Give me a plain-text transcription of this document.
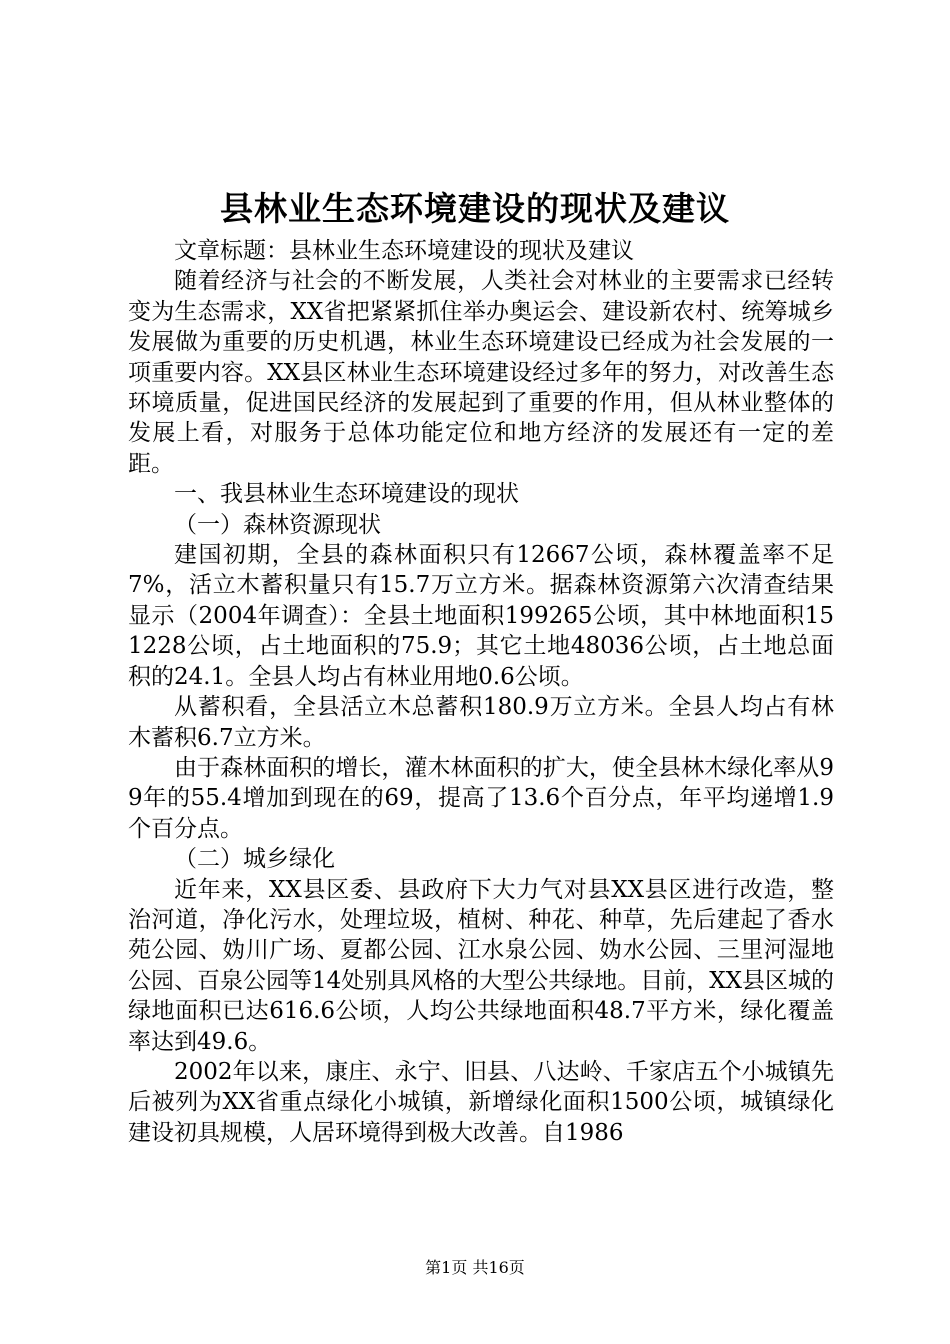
县林业生态环境建设的现状及建议

文章标题：县林业生态环境建设的现状及建议

随着经济与社会的不断发展，人类社会对林业的主要需求已经转变为生态需求，XX省把紧紧抓住举办奥运会、建设新农村、统筹城乡发展做为重要的历史机遇，林业生态环境建设已经成为社会发展的一项重要内容。XX县区林业生态环境建设经过多年的努力，对改善生态环境质量，促进国民经济的发展起到了重要的作用，但从林业整体的发展上看，对服务于总体功能定位和地方经济的发展还有一定的差距。

一、我县林业生态环境建设的现状

（一）森林资源现状

建国初期，全县的森林面积只有12667公顷，森林覆盖率不足7%，活立木蓄积量只有15.7万立方米。据森林资源第六次清查结果显示（2004年调查）：全县土地面积199265公顷，其中林地面积151228公顷，占土地面积的75.9；其它土地48036公顷，占土地总面积的24.1。全县人均占有林业用地0.6公顷。

从蓄积看，全县活立木总蓄积180.9万立方米。全县人均占有林木蓄积6.7立方米。

由于森林面积的增长，灌木林面积的扩大，使全县林木绿化率从99年的55.4增加到现在的69，提高了13.6个百分点，年平均递增1.9个百分点。

（二）城乡绿化

近年来，XX县区委、县政府下大力气对县XX县区进行改造，整治河道，净化污水，处理垃圾，植树、种花、种草，先后建起了香水苑公园、妫川广场、夏都公园、江水泉公园、妫水公园、三里河湿地公园、百泉公园等14处别具风格的大型公共绿地。目前，XX县区城的绿地面积已达616.6公顷，人均公共绿地面积48.7平方米，绿化覆盖率达到49.6。

2002年以来，康庄、永宁、旧县、八达岭、千家店五个小城镇先后被列为XX省重点绿化小城镇，新增绿化面积1500公顷，城镇绿化建设初具规模，人居环境得到极大改善。自1986

第1页 共16页
